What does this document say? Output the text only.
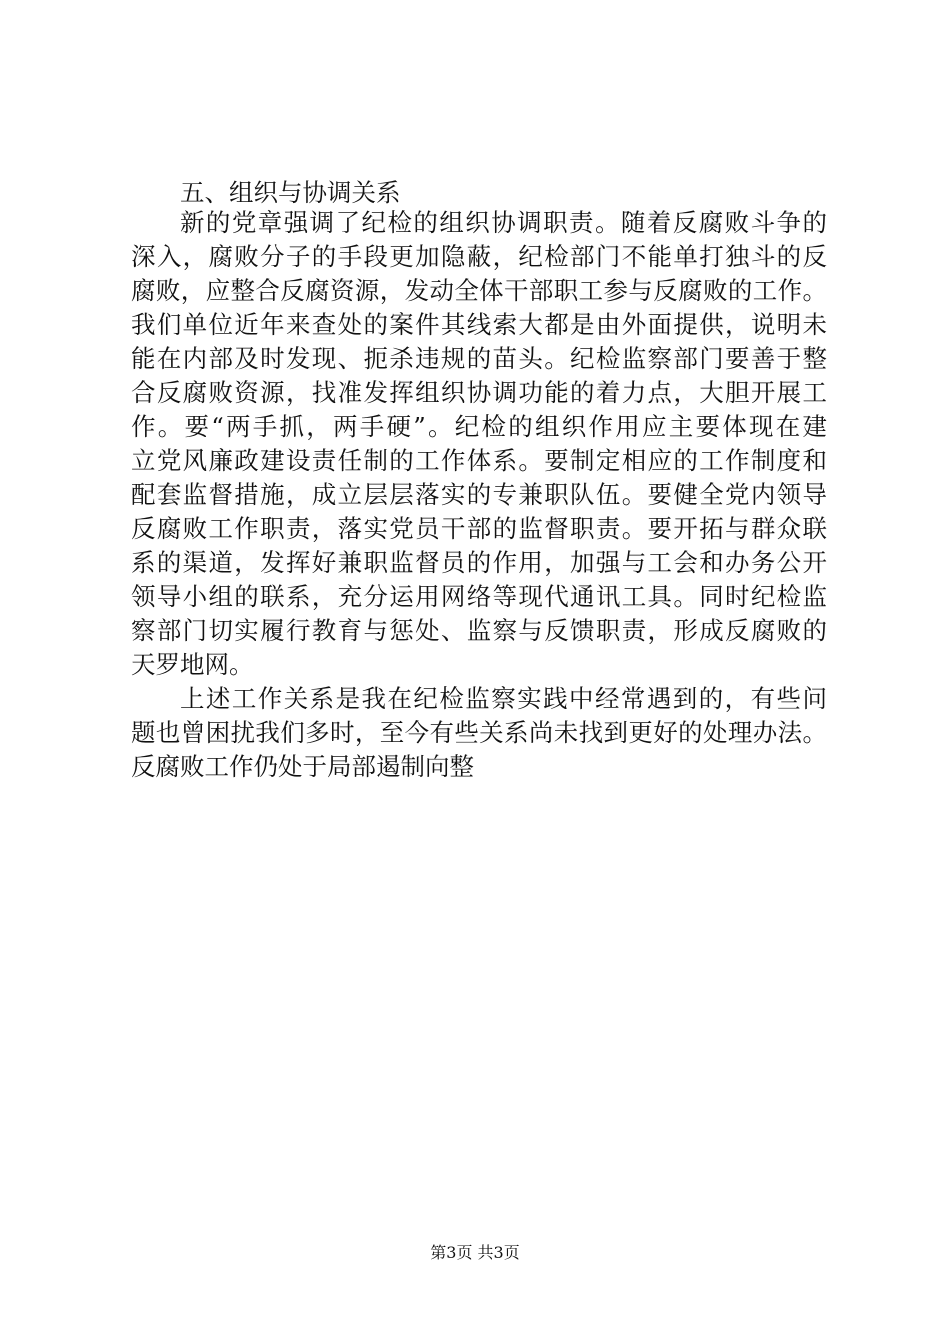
五、组织与协调关系
新的党章强调了纪检的组织协调职责。随着反腐败斗争的
深入，腐败分子的手段更加隐蔽，纪检部门不能单打独斗的反
腐败，应整合反腐资源，发动全体干部职工参与反腐败的工作。
我们单位近年来查处的案件其线索大都是由外面提供，说明未
能在内部及时发现、扼杀违规的苗头。纪检监察部门要善于整
合反腐败资源，找准发挥组织协调功能的着力点，大胆开展工
作。要“两手抓，两手硬”。纪检的组织作用应主要体现在建
立党风廉政建设责任制的工作体系。要制定相应的工作制度和
配套监督措施，成立层层落实的专兼职队伍。要健全党内领导
反腐败工作职责，落实党员干部的监督职责。要开拓与群众联
系的渠道，发挥好兼职监督员的作用，加强与工会和办务公开
领导小组的联系，充分运用网络等现代通讯工具。同时纪检监
察部门切实履行教育与惩处、监察与反馈职责，形成反腐败的
天罗地网。
上述工作关系是我在纪检监察实践中经常遇到的，有些问
题也曾困扰我们多时，至今有些关系尚未找到更好的处理办法。
反腐败工作仍处于局部遏制向整
第3页 共3页
